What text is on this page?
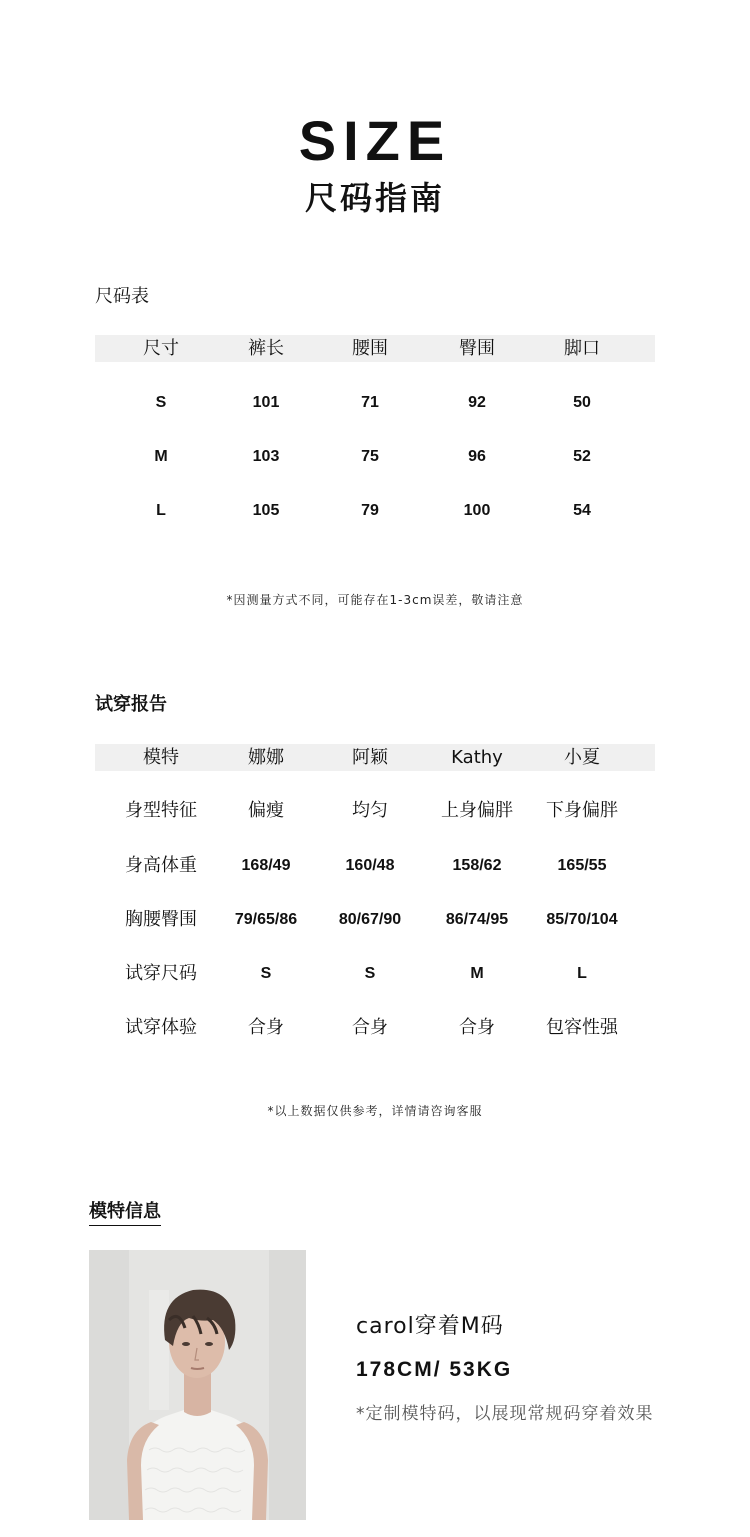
SIZE
尺码指南
尺码表
尺寸	裤长	腰围	臀围	脚口
S	101	71	92	50
M	103	75	96	52
L	105	79	100	54
*因测量方式不同，可能存在1-3cm误差，敬请注意
试穿报告
模特	娜娜	阿颖	Kathy	小夏
身型特征	偏瘦	均匀	上身偏胖	下身偏胖
身高体重	168/49	160/48	158/62	165/55
胸腰臀围	79/65/86	80/67/90	86/74/95	85/70/104
试穿尺码	S	S	M	L
试穿体验	合身	合身	合身	包容性强
*以上数据仅供参考，详情请咨询客服
模特信息
carol穿着M码
178CM/ 53KG
*定制模特码，以展现常规码穿着效果
